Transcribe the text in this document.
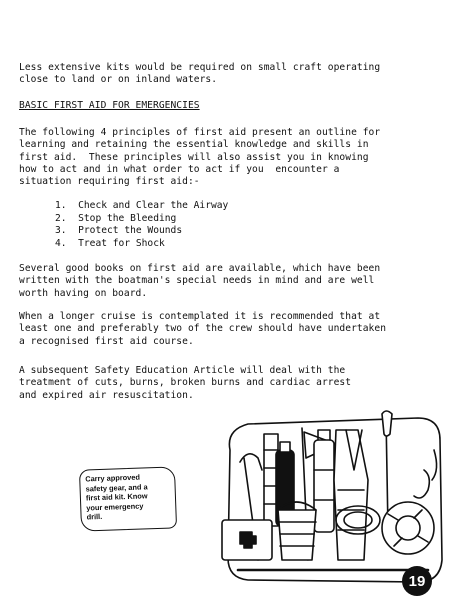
Less extensive kits would be required on small craft operating
close to land or on inland waters.
BASIC FIRST AID FOR EMERGENCIES
The following 4 principles of first aid present an outline for
learning and retaining the essential knowledge and skills in
first aid.  These principles will also assist you in knowing
how to act and in what order to act if you  encounter a
situation requiring first aid:-
1. Check and Clear the Airway
2. Stop the Bleeding
3. Protect the Wounds
4. Treat for Shock
Several good books on first aid are available, which have been
written with the boatman's special needs in mind and are well
worth having on board.
When a longer cruise is contemplated it is recommended that at
least one and preferably two of the crew should have undertaken
a recognised first aid course.
A subsequent Safety Education Article will deal with the
treatment of cuts, burns, broken burns and cardiac arrest
and expired air resuscitation.
Carry approved
safety gear, and a
first aid kit. Know
your emergency
drill.
19
